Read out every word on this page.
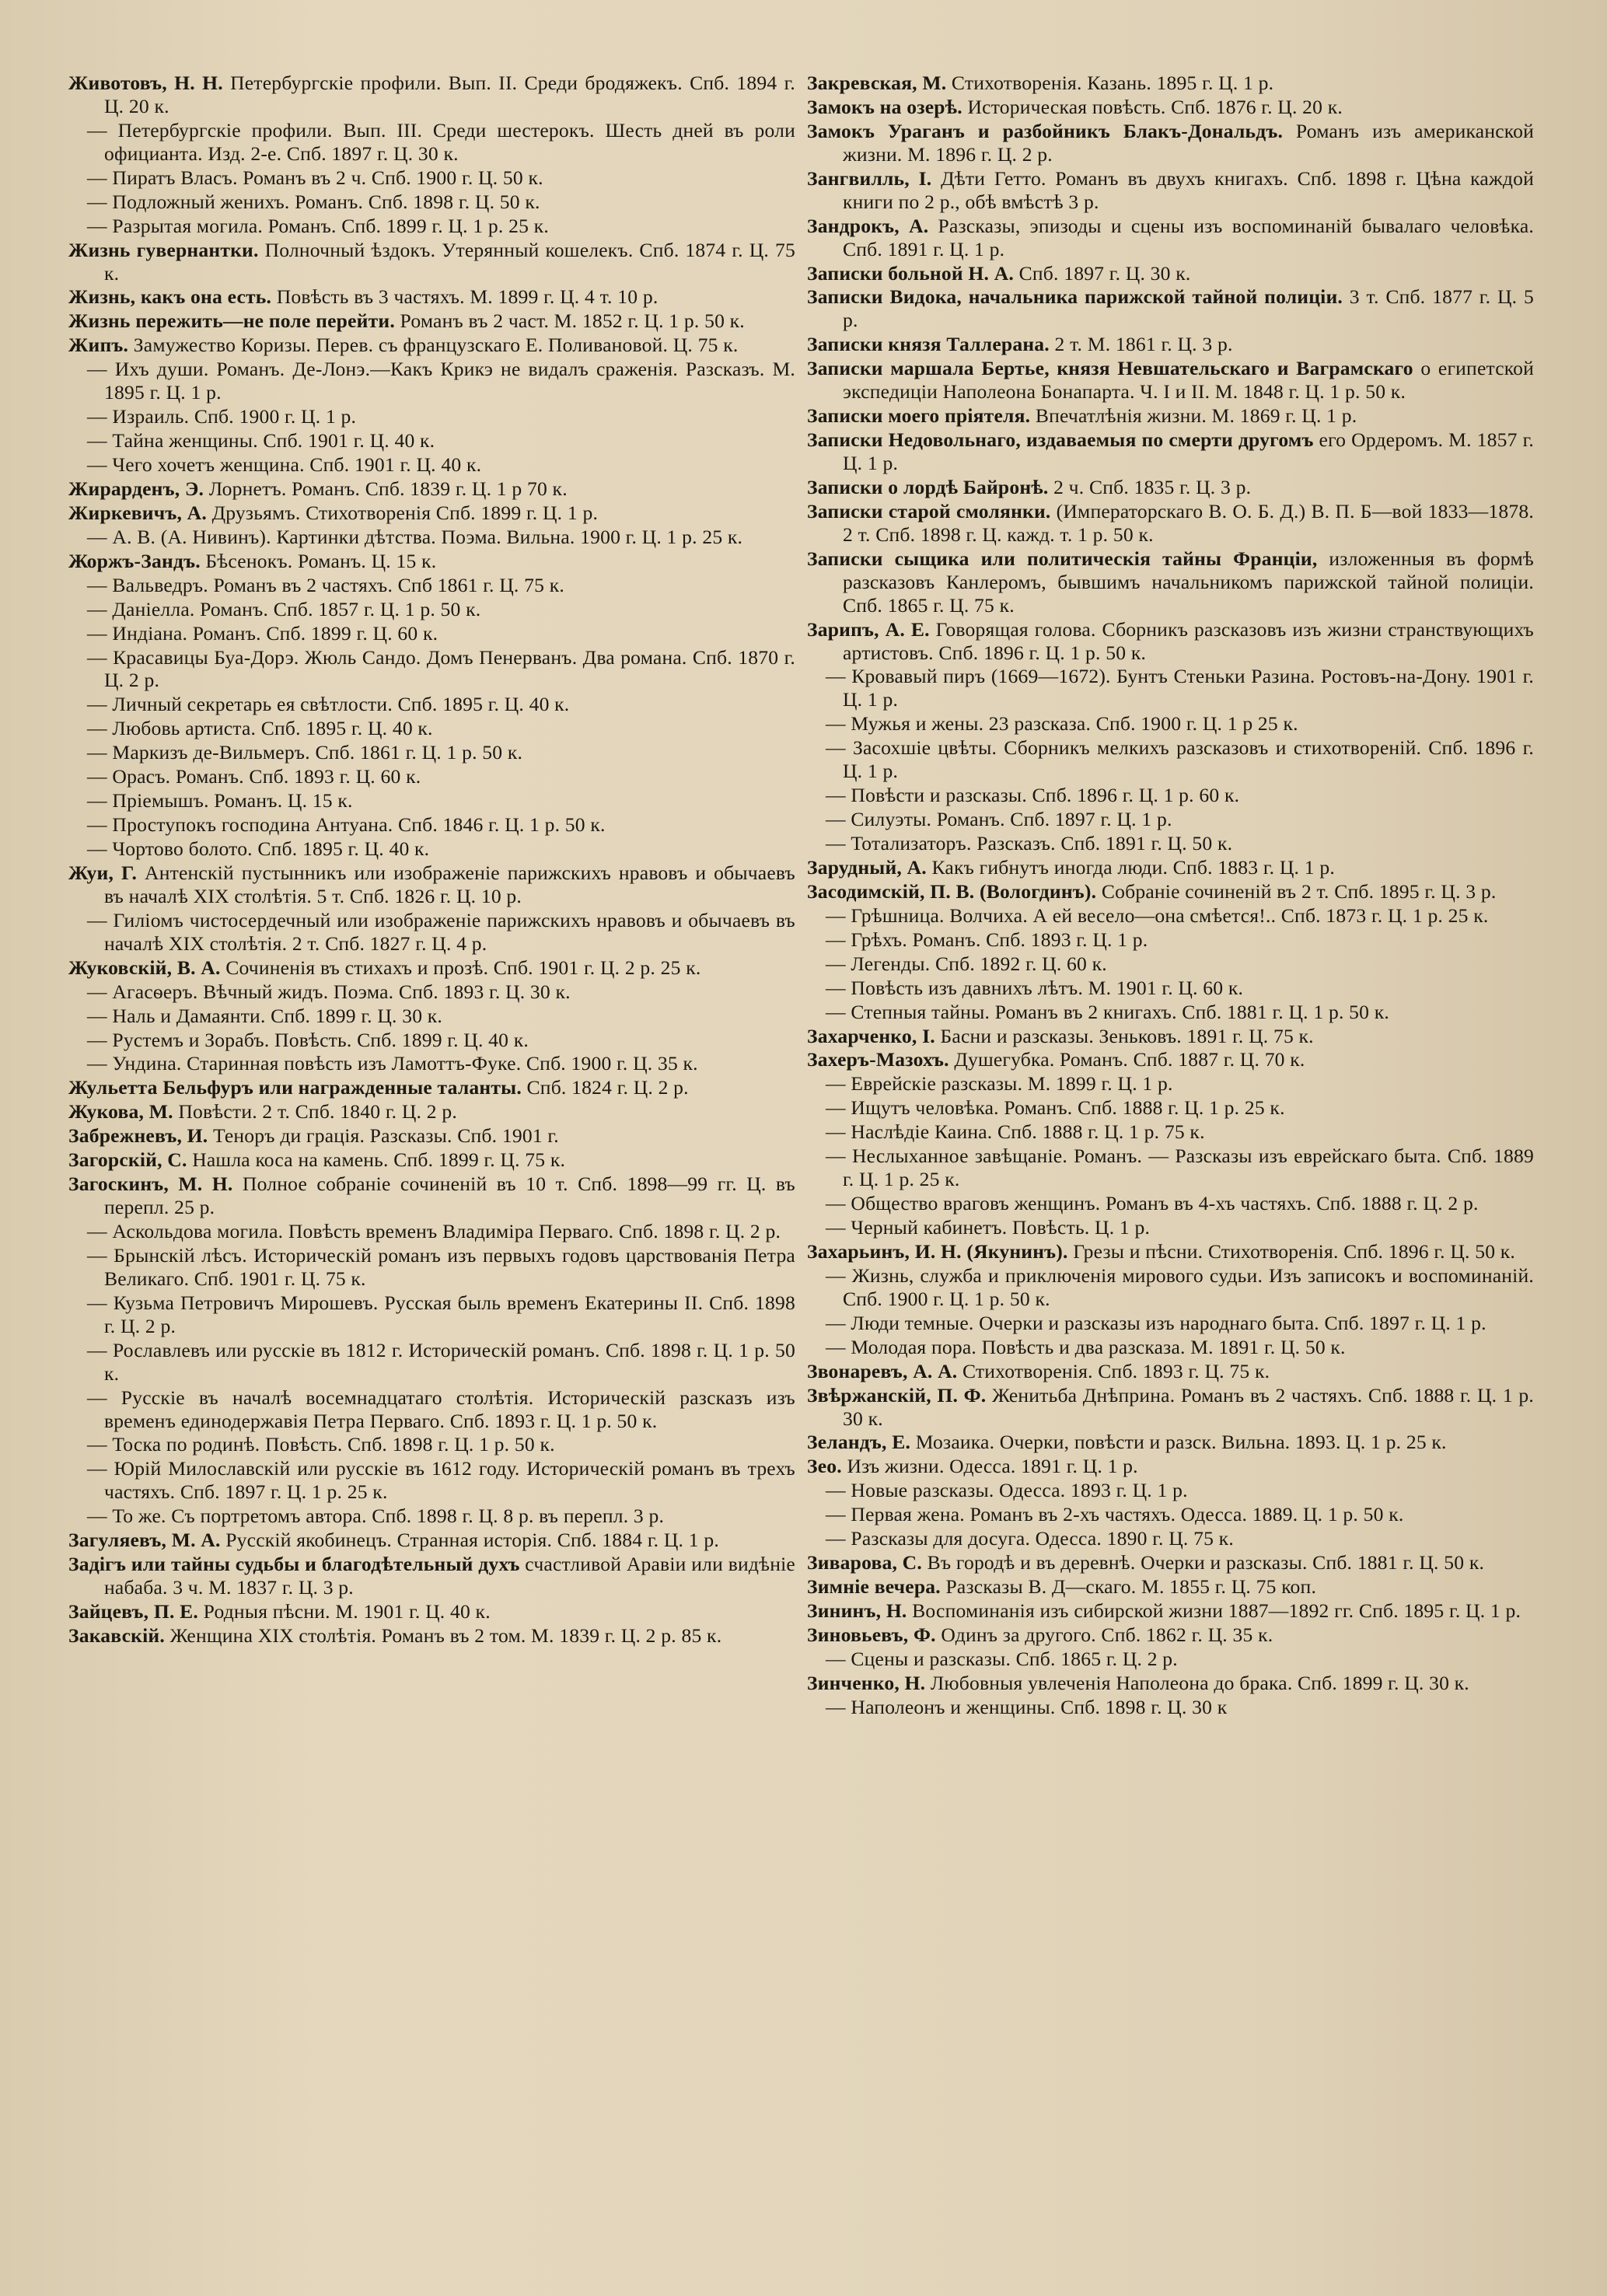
Животовъ, Н. Н. Петербургскіе профили. Вып. II. Среди бродяжекъ. Спб. 1894 г. Ц. 20 к.

— Петербургскіе профили. Вып. III. Среди шестерокъ. Шесть дней въ роли официанта. Изд. 2-е. Спб. 1897 г. Ц. 30 к.

— Пиратъ Власъ. Романъ въ 2 ч. Спб. 1900 г. Ц. 50 к.

— Подложный женихъ. Романъ. Спб. 1898 г. Ц. 50 к.

— Разрытая могила. Романъ. Спб. 1899 г. Ц. 1 р. 25 к.

Жизнь гувернантки. Полночный ѣздокъ. Утерянный кошелекъ. Спб. 1874 г. Ц. 75 к.

Жизнь, какъ она есть. Повѣсть въ 3 частяхъ. М. 1899 г. Ц. 4 т. 10 р.

Жизнь пережить—не поле перейти. Романъ въ 2 част. М. 1852 г. Ц. 1 р. 50 к.

Жипъ. Замужество Коризы. Перев. съ французскаго Е. Поливановой. Ц. 75 к.

— Ихъ души. Романъ. Де-Лонэ.—Какъ Крикэ не видалъ сраженія. Разсказъ. М. 1895 г. Ц. 1 р.

— Израиль. Спб. 1900 г. Ц. 1 р.

— Тайна женщины. Спб. 1901 г. Ц. 40 к.

— Чего хочетъ женщина. Спб. 1901 г. Ц. 40 к.

Жирарденъ, Э. Лорнетъ. Романъ. Спб. 1839 г. Ц. 1 р 70 к.

Жиркевичъ, А. Друзьямъ. Стихотворенія Спб. 1899 г. Ц. 1 р.

— А. В. (А. Нивинъ). Картинки дѣтства. Поэма. Вильна. 1900 г. Ц. 1 р. 25 к.

Жоржъ-Зандъ. Бѣсенокъ. Романъ. Ц. 15 к.

— Вальведръ. Романъ въ 2 частяхъ. Спб 1861 г. Ц. 75 к.

— Даніелла. Романъ. Спб. 1857 г. Ц. 1 р. 50 к.

— Индіана. Романъ. Спб. 1899 г. Ц. 60 к.

— Красавицы Буа-Дорэ. Жюль Сандо. Домъ Пенерванъ. Два романа. Спб. 1870 г. Ц. 2 р.

— Личный секретарь ея свѣтлости. Спб. 1895 г. Ц. 40 к.

— Любовь артиста. Спб. 1895 г. Ц. 40 к.

— Маркизъ де-Вильмеръ. Спб. 1861 г. Ц. 1 р. 50 к.

— Орасъ. Романъ. Спб. 1893 г. Ц. 60 к.

— Пріемышъ. Романъ. Ц. 15 к.

— Проступокъ господина Антуана. Спб. 1846 г. Ц. 1 р. 50 к.

— Чортово болото. Спб. 1895 г. Ц. 40 к.

Жуи, Г. Антенскій пустынникъ или изображеніе парижскихъ нравовъ и обычаевъ въ началѣ XIX столѣтія. 5 т. Спб. 1826 г. Ц. 10 р.

— Гиліомъ чистосердечный или изображеніе парижскихъ нравовъ и обычаевъ въ началѣ XIX столѣтія. 2 т. Спб. 1827 г. Ц. 4 р.

Жуковскій, В. А. Сочиненія въ стихахъ и прозѣ. Спб. 1901 г. Ц. 2 р. 25 к.

— Агасѳеръ. Вѣчный жидъ. Поэма. Спб. 1893 г. Ц. 30 к.

— Наль и Дамаянти. Спб. 1899 г. Ц. 30 к.

— Рустемъ и Зорабъ. Повѣсть. Спб. 1899 г. Ц. 40 к.

— Ундина. Старинная повѣсть изъ Ламоттъ-Фуке. Спб. 1900 г. Ц. 35 к.

Жульетта Бельфуръ или награжденные таланты. Спб. 1824 г. Ц. 2 р.

Жукова, М. Повѣсти. 2 т. Спб. 1840 г. Ц. 2 р.

Забрежневъ, И. Теноръ ди грація. Разсказы. Спб. 1901 г.

Загорскій, С. Нашла коса на камень. Спб. 1899 г. Ц. 75 к.

Загоскинъ, М. Н. Полное собраніе сочиненій въ 10 т. Спб. 1898—99 гг. Ц. въ перепл. 25 р.

— Аскольдова могила. Повѣсть временъ Владиміра Перваго. Спб. 1898 г. Ц. 2 р.

— Брынскій лѣсъ. Историческій романъ изъ первыхъ годовъ царствованія Петра Великаго. Спб. 1901 г. Ц. 75 к.

— Кузьма Петровичъ Мирошевъ. Русская быль временъ Екатерины II. Спб. 1898 г. Ц. 2 р.

— Рославлевъ или русскіе въ 1812 г. Историческій романъ. Спб. 1898 г. Ц. 1 р. 50 к.

— Русскіе въ началѣ восемнадцатаго столѣтія. Историческій разсказъ изъ временъ единодержавія Петра Перваго. Спб. 1893 г. Ц. 1 р. 50 к.

— Тоска по родинѣ. Повѣсть. Спб. 1898 г. Ц. 1 р. 50 к.

— Юрій Милославскій или русскіе въ 1612 году. Историческій романъ въ трехъ частяхъ. Спб. 1897 г. Ц. 1 р. 25 к.

— То же. Съ портретомъ автора. Спб. 1898 г. Ц. 8 р. въ перепл. 3 р.

Загуляевъ, М. А. Русскій якобинецъ. Странная исторія. Спб. 1884 г. Ц. 1 р.

Задігъ или тайны судьбы и благодѣтельный духъ счастливой Аравіи или видѣніе набаба. 3 ч. М. 1837 г. Ц. 3 р.

Зайцевъ, П. Е. Родныя пѣсни. М. 1901 г. Ц. 40 к.

Закавскій. Женщина XIX столѣтія. Романъ въ 2 том. М. 1839 г. Ц. 2 р. 85 к.

Закревская, М. Стихотворенія. Казань. 1895 г. Ц. 1 р.

Замокъ на озерѣ. Историческая повѣсть. Спб. 1876 г. Ц. 20 к.

Замокъ Ураганъ и разбойникъ Блакъ-Дональдъ. Романъ изъ американской жизни. М. 1896 г. Ц. 2 р.

Зангвилль, І. Дѣти Гетто. Романъ въ двухъ книгахъ. Спб. 1898 г. Цѣна каждой книги по 2 р., обѣ вмѣстѣ 3 р.

Зандрокъ, А. Разсказы, эпизоды и сцены изъ воспоминаній бывалаго человѣка. Спб. 1891 г. Ц. 1 р.

Записки больной Н. А. Спб. 1897 г. Ц. 30 к.

Записки Видока, начальника парижской тайной полиціи. 3 т. Спб. 1877 г. Ц. 5 р.

Записки князя Таллерана. 2 т. М. 1861 г. Ц. 3 р.

Записки маршала Бертье, князя Невшательскаго и Ваграмскаго о египетской экспедиціи Наполеона Бонапарта. Ч. I и II. М. 1848 г. Ц. 1 р. 50 к.

Записки моего пріятеля. Впечатлѣнія жизни. М. 1869 г. Ц. 1 р.

Записки Недовольнаго, издаваемыя по смерти другомъ его Ордеромъ. М. 1857 г. Ц. 1 р.

Записки о лордѣ Байронѣ. 2 ч. Спб. 1835 г. Ц. 3 р.

Записки старой смолянки. (Императорскаго В. О. Б. Д.) В. П. Б—вой 1833—1878. 2 т. Спб. 1898 г. Ц. кажд. т. 1 р. 50 к.

Записки сыщика или политическія тайны Франціи, изложенныя въ формѣ разсказовъ Канлеромъ, бывшимъ начальникомъ парижской тайной полиціи. Спб. 1865 г. Ц. 75 к.

Зарипъ, А. Е. Говорящая голова. Сборникъ разсказовъ изъ жизни странствующихъ артистовъ. Спб. 1896 г. Ц. 1 р. 50 к.

— Кровавый пиръ (1669—1672). Бунтъ Стеньки Разина. Ростовъ-на-Дону. 1901 г. Ц. 1 р.

— Мужья и жены. 23 разсказа. Спб. 1900 г. Ц. 1 р 25 к.

— Засохшіе цвѣты. Сборникъ мелкихъ разсказовъ и стихотвореній. Спб. 1896 г. Ц. 1 р.

— Повѣсти и разсказы. Спб. 1896 г. Ц. 1 р. 60 к.

— Силуэты. Романъ. Спб. 1897 г. Ц. 1 р.

— Тотализаторъ. Разсказъ. Спб. 1891 г. Ц. 50 к.

Зарудный, А. Какъ гибнутъ иногда люди. Спб. 1883 г. Ц. 1 р.

Засодимскій, П. В. (Вологдинъ). Собраніе сочиненій въ 2 т. Спб. 1895 г. Ц. 3 р.

— Грѣшница. Волчиха. А ей весело—она смѣется!.. Спб. 1873 г. Ц. 1 р. 25 к.

— Грѣхъ. Романъ. Спб. 1893 г. Ц. 1 р.

— Легенды. Спб. 1892 г. Ц. 60 к.

— Повѣсть изъ давнихъ лѣтъ. М. 1901 г. Ц. 60 к.

— Степныя тайны. Романъ въ 2 книгахъ. Спб. 1881 г. Ц. 1 р. 50 к.

Захарченко, І. Басни и разсказы. Зеньковъ. 1891 г. Ц. 75 к.

Захеръ-Мазохъ. Душегубка. Романъ. Спб. 1887 г. Ц. 70 к.

— Еврейскіе разсказы. М. 1899 г. Ц. 1 р.

— Ищутъ человѣка. Романъ. Спб. 1888 г. Ц. 1 р. 25 к.

— Наслѣдіе Каина. Спб. 1888 г. Ц. 1 р. 75 к.

— Неслыханное завѣщаніе. Романъ. — Разсказы изъ еврейскаго быта. Спб. 1889 г. Ц. 1 р. 25 к.

— Общество враговъ женщинъ. Романъ въ 4-хъ частяхъ. Спб. 1888 г. Ц. 2 р.

— Черный кабинетъ. Повѣсть. Ц. 1 р.

Захарьинъ, И. Н. (Якунинъ). Грезы и пѣсни. Стихотворенія. Спб. 1896 г. Ц. 50 к.

— Жизнь, служба и приключенія мирового судьи. Изъ записокъ и воспоминаній. Спб. 1900 г. Ц. 1 р. 50 к.

— Люди темные. Очерки и разсказы изъ народнаго быта. Спб. 1897 г. Ц. 1 р.

— Молодая пора. Повѣсть и два разсказа. М. 1891 г. Ц. 50 к.

Звонаревъ, А. А. Стихотворенія. Спб. 1893 г. Ц. 75 к.

Звѣржанскій, П. Ф. Женитьба Днѣприна. Романъ въ 2 частяхъ. Спб. 1888 г. Ц. 1 р. 30 к.

Зеландъ, Е. Мозаика. Очерки, повѣсти и разск. Вильна. 1893. Ц. 1 р. 25 к.

Зео. Изъ жизни. Одесса. 1891 г. Ц. 1 р.

— Новые разсказы. Одесса. 1893 г. Ц. 1 р.

— Первая жена. Романъ въ 2-хъ частяхъ. Одесса. 1889. Ц. 1 р. 50 к.

— Разсказы для досуга. Одесса. 1890 г. Ц. 75 к.

Зиварова, С. Въ городѣ и въ деревнѣ. Очерки и разсказы. Спб. 1881 г. Ц. 50 к.

Зимніе вечера. Разсказы В. Д—скаго. М. 1855 г. Ц. 75 коп.

Зининъ, Н. Воспоминанія изъ сибирской жизни 1887—1892 гг. Спб. 1895 г. Ц. 1 р.

Зиновьевъ, Ф. Одинъ за другого. Спб. 1862 г. Ц. 35 к.

— Сцены и разсказы. Спб. 1865 г. Ц. 2 р.

Зинченко, Н. Любовныя увлеченія Наполеона до брака. Спб. 1899 г. Ц. 30 к.

— Наполеонъ и женщины. Спб. 1898 г. Ц. 30 к
